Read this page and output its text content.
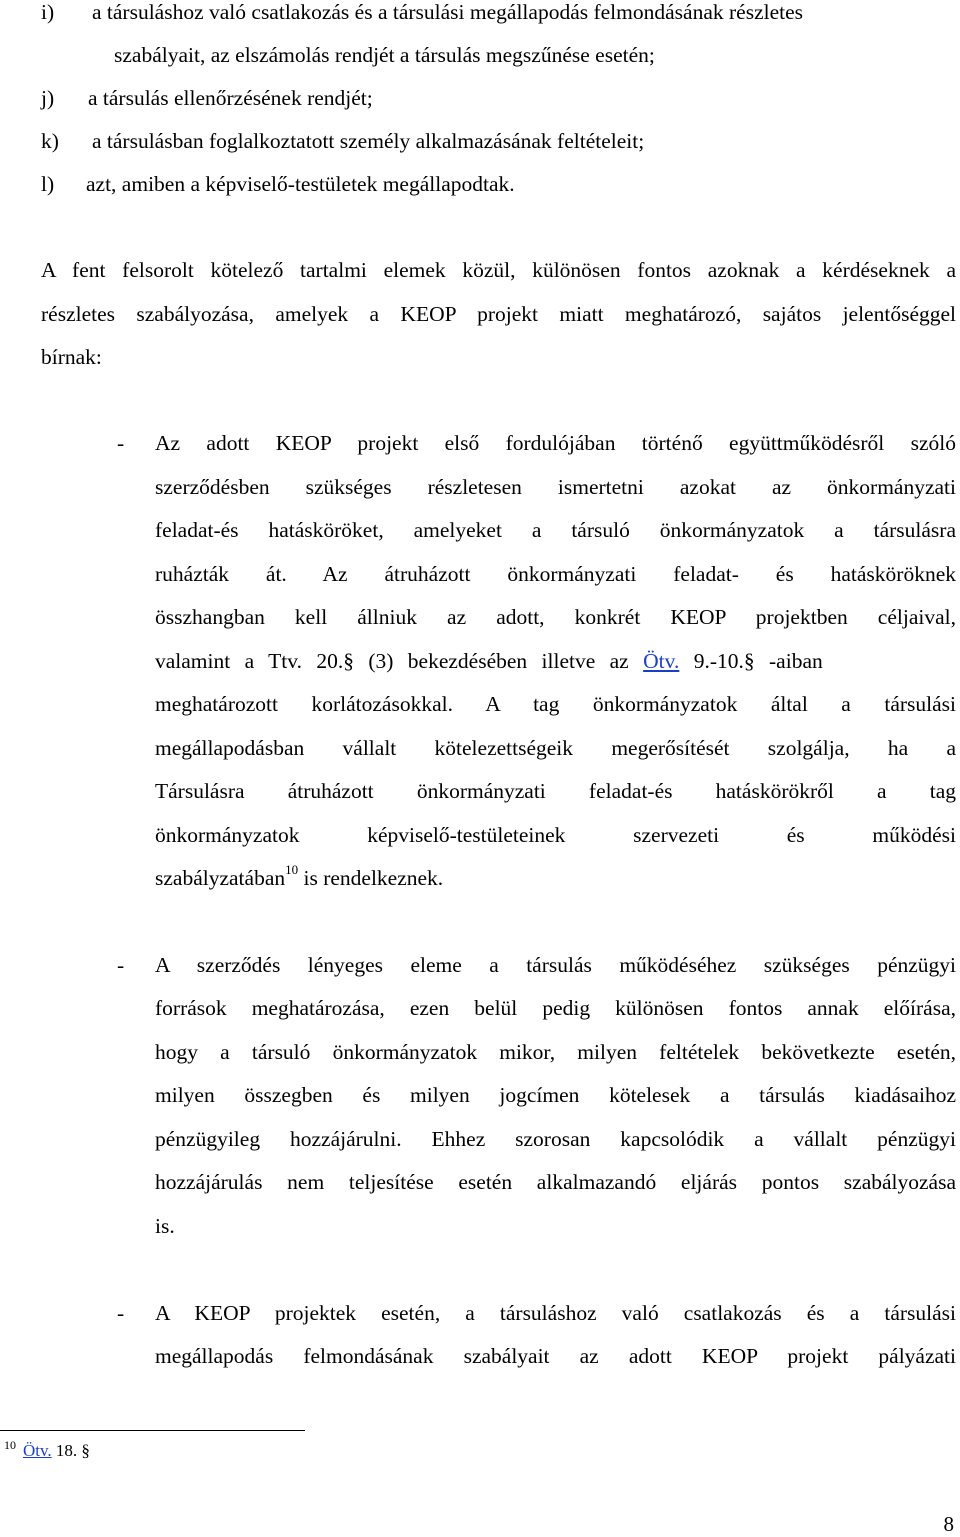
i) a társuláshoz való csatlakozás és a társulási megállapodás felmondásának részletes
szabályait, az elszámolás rendjét a társulás megszűnése esetén;
j) a társulás ellenőrzésének rendjét;
k) a társulásban foglalkoztatott személy alkalmazásának feltételeit;
l) azt, amiben a képviselő-testületek megállapodtak.
A fent felsorolt kötelező tartalmi elemek közül, különösen fontos azoknak a kérdéseknek a
részletes szabályozása, amelyek a KEOP projekt miatt meghatározó, sajátos jelentőséggel
bírnak:
- Az adott KEOP projekt első fordulójában történő együttműködésről szóló
szerződésben szükséges részletesen ismertetni azokat az önkormányzati
feladat-és hatásköröket, amelyeket a társuló önkormányzatok a társulásra
ruházták át. Az átruházott önkormányzati feladat- és hatásköröknek
összhangban kell állniuk az adott, konkrét KEOP projektben céljaival,
valamint a Ttv. 20.§ (3) bekezdésében illetve az Ötv. 9.-10.§ -aiban
meghatározott korlátozásokkal. A tag önkormányzatok által a társulási
megállapodásban vállalt kötelezettségeik megerősítését szolgálja, ha a
Társulásra átruházott önkormányzati feladat-és hatáskörökről a tag
önkormányzatok képviselő-testületeinek szervezeti és működési
szabályzatában$^{10}$ is rendelkeznek.
- A szerződés lényeges eleme a társulás működéséhez szükséges pénzügyi
források meghatározása, ezen belül pedig különösen fontos annak előírása,
hogy a társuló önkormányzatok mikor, milyen feltételek bekövetkezte esetén,
milyen összegben és milyen jogcímen kötelesek a társulás kiadásaihoz
pénzügyileg hozzájárulni. Ehhez szorosan kapcsolódik a vállalt pénzügyi
hozzájárulás nem teljesítése esetén alkalmazandó eljárás pontos szabályozása
is.
- A KEOP projektek esetén, a társuláshoz való csatlakozás és a társulási
megállapodás felmondásának szabályait az adott KEOP projekt pályázati
10 Ötv. 18. §
8
